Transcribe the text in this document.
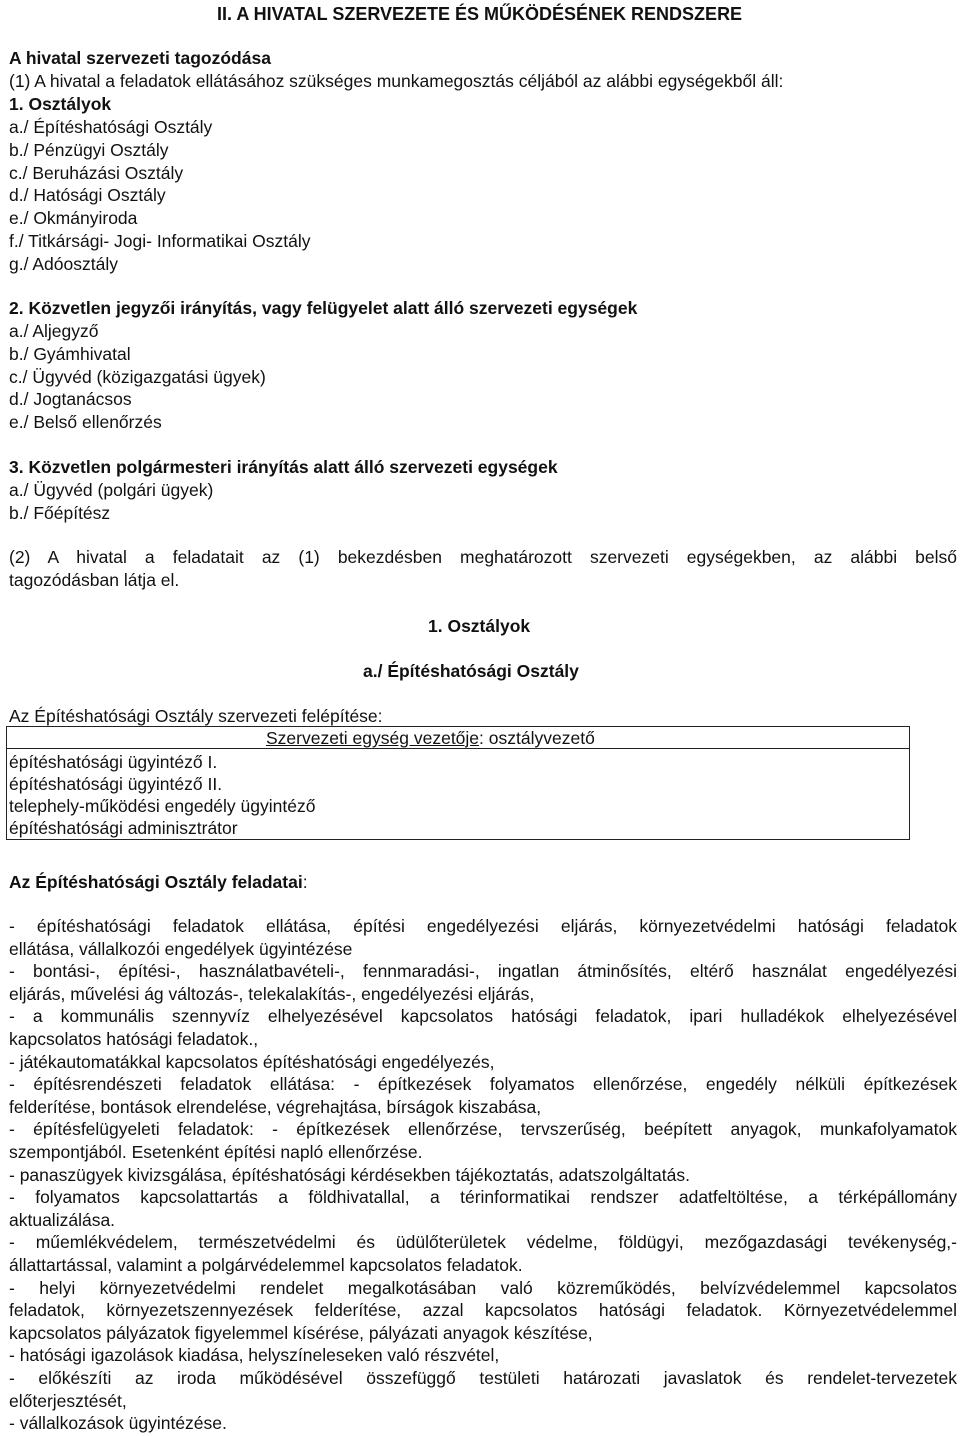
II. A HIVATAL SZERVEZETE ÉS MŰKÖDÉSÉNEK RENDSZERE
A hivatal szervezeti tagozódása
(1) A hivatal a feladatok ellátásához szükséges munkamegosztás céljából az alábbi egységekből áll:
1. Osztályok
a./ Építéshatósági Osztály
b./ Pénzügyi Osztály
c./ Beruházási Osztály
d./ Hatósági Osztály
e./ Okmányiroda
f./ Titkársági- Jogi- Informatikai Osztály
g./ Adóosztály
2. Közvetlen jegyzői irányítás, vagy felügyelet alatt álló szervezeti egységek
a./ Aljegyző
b./ Gyámhivatal
c./ Ügyvéd (közigazgatási ügyek)
d./ Jogtanácsos
e./ Belső ellenőrzés
3. Közvetlen polgármesteri irányítás alatt álló szervezeti egységek
a./ Ügyvéd (polgári ügyek)
b./ Főépítész
(2) A hivatal a feladatait az (1) bekezdésben meghatározott szervezeti egységekben, az alábbi belső
tagozódásban látja el.
1. Osztályok
a./ Építéshatósági Osztály
Az Építéshatósági Osztály szervezeti felépítése:
Szervezeti egység vezetője: osztályvezető
építéshatósági ügyintéző I.
építéshatósági ügyintéző II.
telephely-működési engedély ügyintéző
építéshatósági adminisztrátor
Az Építéshatósági Osztály feladatai:
- építéshatósági feladatok ellátása, építési engedélyezési eljárás, környezetvédelmi hatósági feladatok
ellátása, vállalkozói engedélyek ügyintézése
- bontási-, építési-, használatbavételi-, fennmaradási-, ingatlan átminősítés, eltérő használat engedélyezési
eljárás, művelési ág változás-, telekalakítás-, engedélyezési eljárás,
- a kommunális szennyvíz elhelyezésével kapcsolatos hatósági feladatok, ipari hulladékok elhelyezésével
kapcsolatos hatósági feladatok.,
- játékautomatákkal kapcsolatos építéshatósági engedélyezés,
- építésrendészeti feladatok ellátása: - építkezések folyamatos ellenőrzése, engedély nélküli építkezések
felderítése, bontások elrendelése, végrehajtása, bírságok kiszabása,
- építésfelügyeleti feladatok: - építkezések ellenőrzése, tervszerűség, beépített anyagok, munkafolyamatok
szempontjából. Esetenként építési napló ellenőrzése.
- panaszügyek kivizsgálása, építéshatósági kérdésekben tájékoztatás, adatszolgáltatás.
- folyamatos kapcsolattartás a földhivatallal, a térinformatikai rendszer adatfeltöltése, a térképállomány
aktualizálása.
- műemlékvédelem, természetvédelmi és üdülőterületek védelme, földügyi, mezőgazdasági tevékenység,-
állattartással, valamint a polgárvédelemmel kapcsolatos feladatok.
- helyi környezetvédelmi rendelet megalkotásában való közreműködés, belvízvédelemmel kapcsolatos
feladatok, környezetszennyezések felderítése, azzal kapcsolatos hatósági feladatok. Környezetvédelemmel
kapcsolatos pályázatok figyelemmel kísérése, pályázati anyagok készítése,
- hatósági igazolások kiadása, helyszíneleseken való részvétel,
- előkészíti az iroda működésével összefüggő testületi határozati javaslatok és rendelet-tervezetek
előterjesztését,
- vállalkozások ügyintézése.
